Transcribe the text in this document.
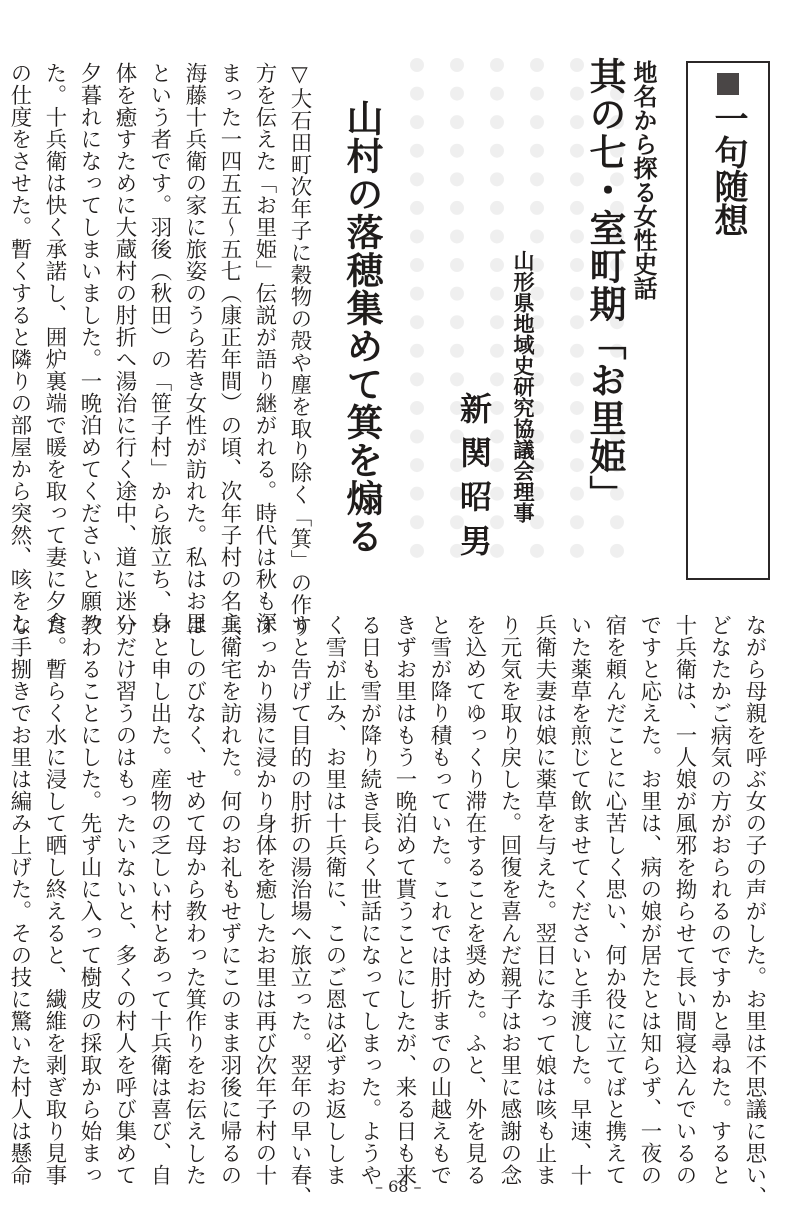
一句随想
地名から探る女性史話
其の七・室町期「お里姫」
山形県地域史研究協議会理事
新関昭男
山村の落穂集めて箕を煽る
▽大石田町次年子に穀物の殻や塵を取り除く「箕」の作り
方を伝えた「お里姫」伝説が語り継がれる。時代は秋も深
まった一四五五〜五七（康正年間）の頃、次年子村の名主、
海藤十兵衛の家に旅姿のうら若き女性が訪れた。私はお里
という者です。羽後（秋田）の「笹子村」から旅立ち、身
体を癒すために大蔵村の肘折へ湯治に行く途中、道に迷い
夕暮れになってしまいました。一晩泊めてくださいと願っ
た。十兵衛は快く承諾し、囲炉裏端で暖を取って妻に夕食
の仕度をさせた。暫くすると隣りの部屋から突然、咳をし
ながら母親を呼ぶ女の子の声がした。お里は不思議に思い、
どなたかご病気の方がおられるのですかと尋ねた。すると
十兵衛は、一人娘が風邪を拗らせて長い間寝込んでいるの
ですと応えた。お里は、病の娘が居たとは知らず、一夜の
宿を頼んだことに心苦しく思い、何か役に立てばと携えて
いた薬草を煎じて飲ませてくださいと手渡した。早速、十
兵衛夫妻は娘に薬草を与えた。翌日になって娘は咳も止ま
り元気を取り戻した。回復を喜んだ親子はお里に感謝の念
を込めてゆっくり滞在することを奨めた。ふと、外を見る
と雪が降り積もっていた。これでは肘折までの山越えもで
きずお里はもう一晩泊めて貰うことにしたが、来る日も来
る日も雪が降り続き長らく世話になってしまった。ようや
く雪が止み、お里は十兵衛に、このご恩は必ずお返ししま
すと告げて目的の肘折の湯治場へ旅立った。翌年の早い春、
すっかり湯に浸かり身体を癒したお里は再び次年子村の十
兵衛宅を訪れた。何のお礼もせずにこのまま羽後に帰るの
はしのびなく、せめて母から教わった箕作りをお伝えした
いと申し出た。産物の乏しい村とあって十兵衛は喜び、自
分だけ習うのはもったいないと、多くの村人を呼び集めて
教わることにした。先ず山に入って樹皮の採取から始まっ
た。暫らく水に浸して晒し終えると、繊維を剥ぎ取り見事
な手捌きでお里は編み上げた。その技に驚いた村人は懸命
– 68 –
